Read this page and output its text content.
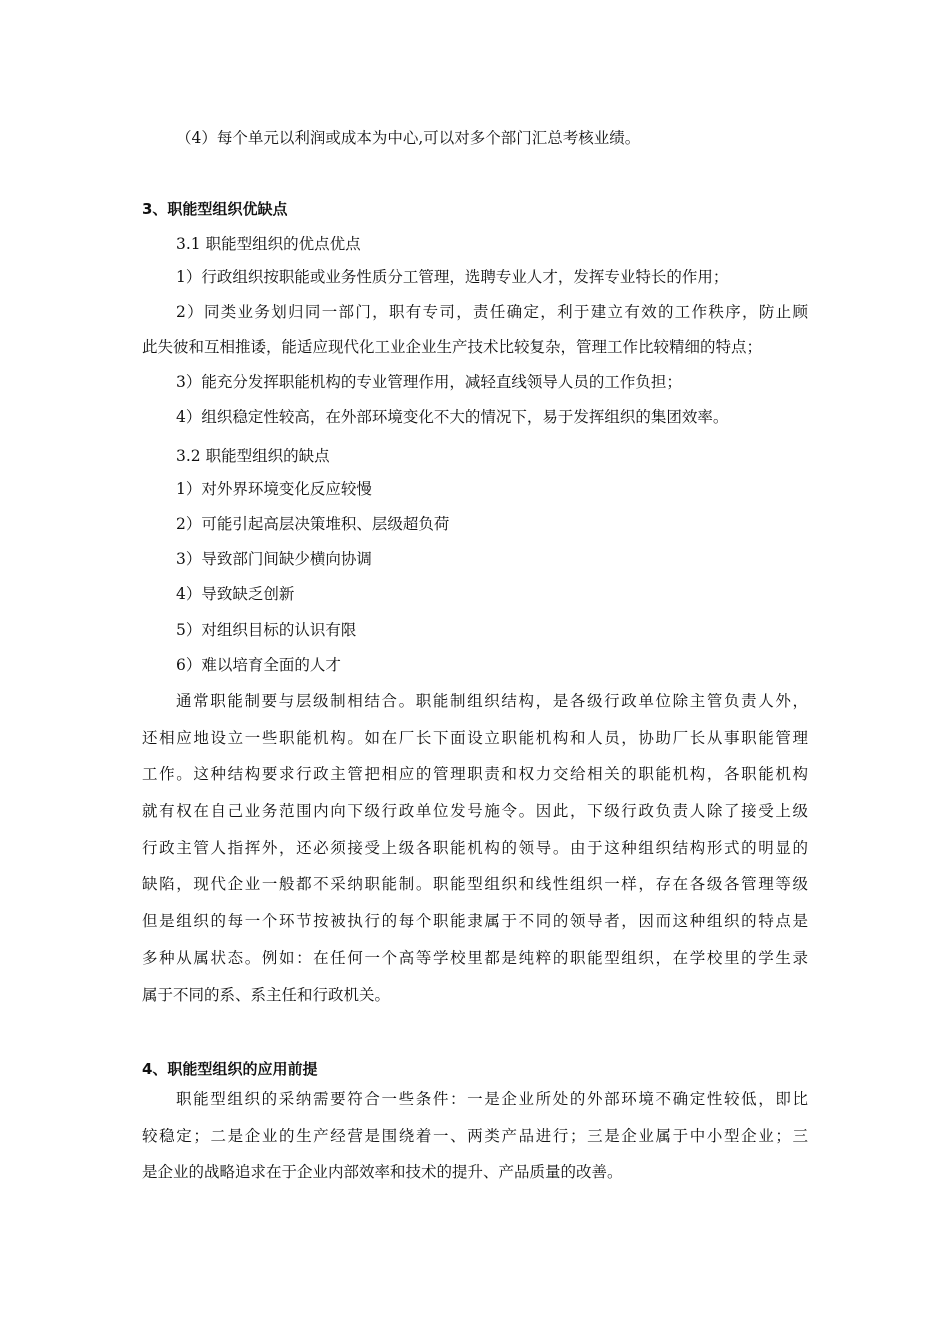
（4）每个单元以利润或成本为中心,可以对多个部门汇总考核业绩。

3、职能型组织优缺点

3.1 职能型组织的优点优点

1）行政组织按职能或业务性质分工管理，选聘专业人才，发挥专业特长的作用；

2）同类业务划归同一部门，职有专司，责任确定，利于建立有效的工作秩序，防止顾

此失彼和互相推诿，能适应现代化工业企业生产技术比较复杂，管理工作比较精细的特点；

3）能充分发挥职能机构的专业管理作用，减轻直线领导人员的工作负担；

4）组织稳定性较高，在外部环境变化不大的情况下，易于发挥组织的集团效率。

3.2 职能型组织的缺点

1）对外界环境变化反应较慢

2）可能引起高层决策堆积、层级超负荷

3）导致部门间缺少横向协调

4）导致缺乏创新

5）对组织目标的认识有限

6）难以培育全面的人才

通常职能制要与层级制相结合。职能制组织结构，是各级行政单位除主管负责人外，

还相应地设立一些职能机构。如在厂长下面设立职能机构和人员，协助厂长从事职能管理

工作。这种结构要求行政主管把相应的管理职责和权力交给相关的职能机构，各职能机构

就有权在自己业务范围内向下级行政单位发号施令。因此，下级行政负责人除了接受上级

行政主管人指挥外，还必须接受上级各职能机构的领导。由于这种组织结构形式的明显的

缺陷，现代企业一般都不采纳职能制。职能型组织和线性组织一样，存在各级各管理等级

但是组织的每一个环节按被执行的每个职能隶属于不同的领导者，因而这种组织的特点是

多种从属状态。例如：在任何一个高等学校里都是纯粹的职能型组织，在学校里的学生录

属于不同的系、系主任和行政机关。

4、职能型组织的应用前提

职能型组织的采纳需要符合一些条件：一是企业所处的外部环境不确定性较低，即比

较稳定；二是企业的生产经营是围绕着一、两类产品进行；三是企业属于中小型企业；三

是企业的战略追求在于企业内部效率和技术的提升、产品质量的改善。
